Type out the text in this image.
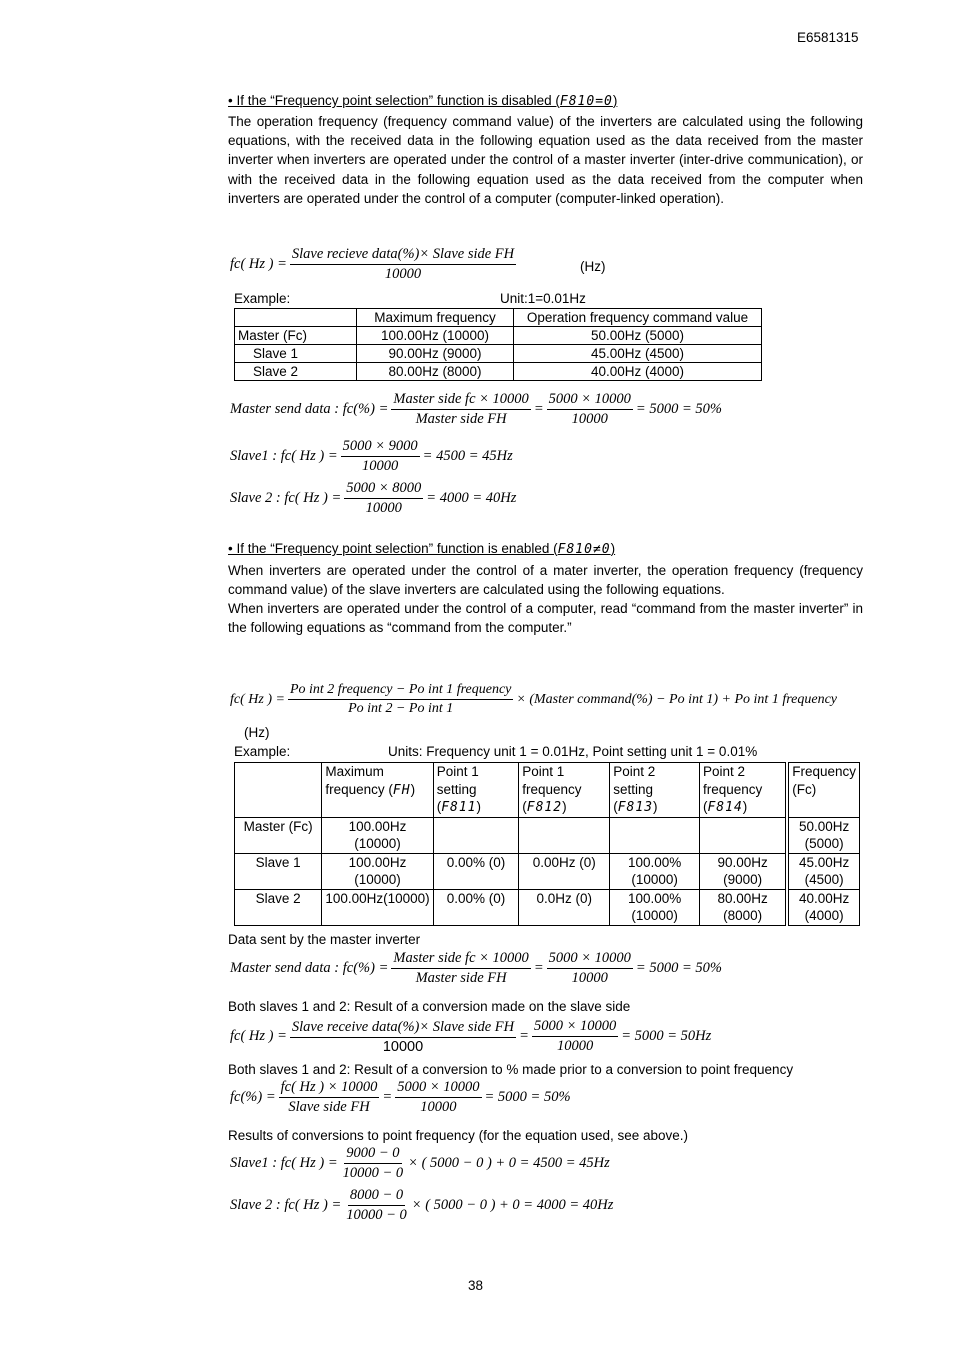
E6581315
• If the “Frequency point selection” function is disabled (F810=0)
The operation frequency (frequency command value) of the inverters are calculated using the following equations, with the received data in the following equation used as the data received from the master inverter when inverters are operated under the control of a master inverter (inter-drive communication), or with the received data in the following equation used as the data received from the computer when inverters are operated under the control of a computer (computer-linked operation).
fc( Hz ) = $\frac{\text{Slave recieve data(\%)× Slave side FH}}{10000}$	(Hz)
Example:	Unit:1=0.01Hz
	Maximum frequency	Operation frequency command value
Master (Fc)	100.00Hz (10000)	50.00Hz (5000)
Slave 1	90.00Hz (9000)	45.00Hz (4500)
Slave 2	80.00Hz (8000)	40.00Hz (4000)
Master send data : $fc(\%) = \frac{\text{Master side fc × 10000}}{\text{Master side FH}} = \frac{5000 \times 10000}{10000} = 5000 = 50\%$
Slave1 : fc( Hz ) = $\frac{5000 \times 9000}{10000} = 4500 = 45Hz$
Slave 2 : fc( Hz ) = $\frac{5000 \times 8000}{10000} = 4000 = 40Hz$
• If the “Frequency point selection” function is enabled (F810≠0)
When inverters are operated under the control of a mater inverter, the operation frequency (frequency command value) of the slave inverters are calculated using the following equations.
When inverters are operated under the control of a computer, read “command from the master inverter” in the following equations as “command from the computer.”
fc( Hz ) = $\frac{\text{Po int 2 frequency − Po int 1 frequency}}{\text{Po int 2 − Po int 1}}$ × (Master command(%) − Po int 1) + Po int 1 frequency
(Hz)
Example:	Units: Frequency unit 1 = 0.01Hz, Point setting unit 1 = 0.01%
	Maximum frequency (FH)	Point 1 setting (F811)	Point 1 frequency (F812)	Point 2 setting (F813)	Point 2 frequency (F814)	Frequency (Fc)
Master (Fc)	100.00Hz (10000)					50.00Hz (5000)
Slave 1	100.00Hz (10000)	0.00% (0)	0.00Hz (0)	100.00% (10000)	90.00Hz (9000)	45.00Hz (4500)
Slave 2	100.00Hz(10000)	0.00% (0)	0.0Hz (0)	100.00%(10000)	80.00Hz (8000)	40.00Hz (4000)
Data sent by the master inverter
Master send data : $fc(\%) = \frac{\text{Master side fc × 10000}}{\text{Master side FH}} = \frac{5000 \times 10000}{10000} = 5000 = 50\%$
Both slaves 1 and 2: Result of a conversion made on the slave side
fc( Hz ) = $\frac{\text{Slave receive data(\%)× Slave side FH}}{10000} = \frac{5000 \times 10000}{10000} = 5000 = 50Hz$
Both slaves 1 and 2: Result of a conversion to % made prior to a conversion to point frequency
$fc(\%) = \frac{fc( Hz ) \times 10000}{\text{Slave side FH}} = \frac{5000 \times 10000}{10000} = 5000 = 50\%$
Results of conversions to point frequency (for the equation used, see above.)
Slave1 : fc( Hz ) = $\frac{9000 - 0}{10000 - 0}$ × ( 5000 − 0 ) + 0 = 4500 = 45Hz
Slave 2 : fc( Hz ) = $\frac{8000 - 0}{10000 - 0}$ × ( 5000 − 0 ) + 0 = 4000 = 40Hz
38
